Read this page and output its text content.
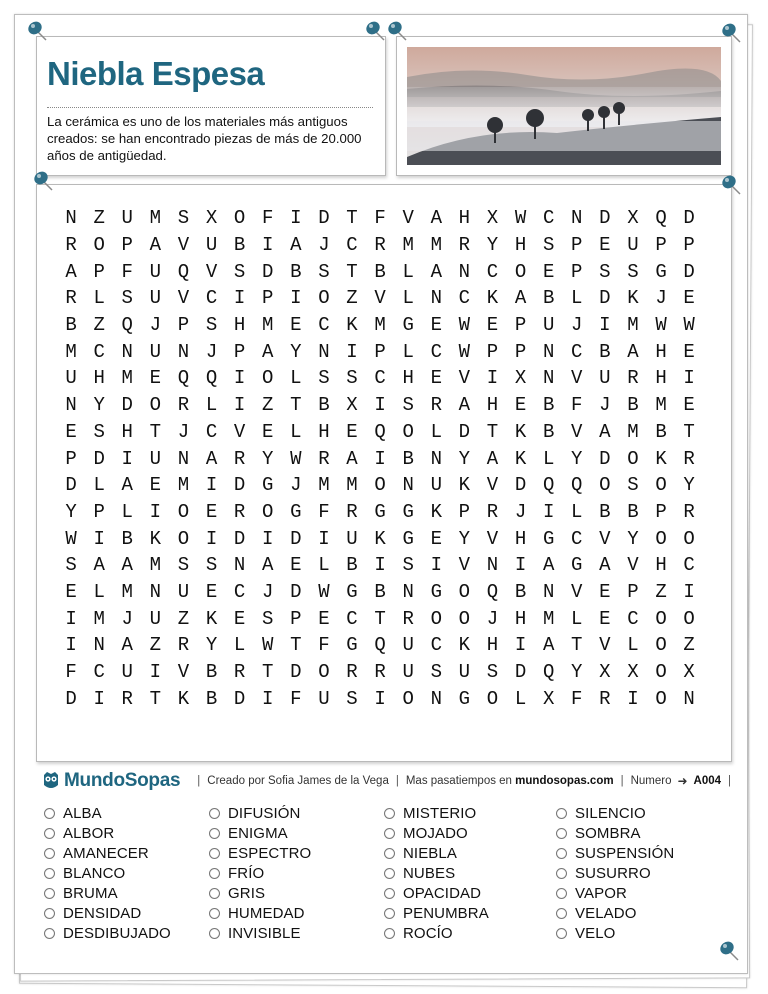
Niebla Espesa
La cerámica es uno de los materiales más antiguos creados: se han encontrado piezas de más de 20.000 años de antigüedad.
N Z U M S X O F I D T F V A H X W C N D X Q D
R O P A V U B I A J C R M M R Y H S P E U P P
A P F U Q V S D B S T B L A N C O E P S S G D
R L S U V C I P I O Z V L N C K A B L D K J E
B Z Q J P S H M E C K M G E W E P U J I M W W
M C N U N J P A Y N I P L C W P P N C B A H E
U H M E Q Q I O L S S C H E V I X N V U R H I
N Y D O R L I Z T B X I S R A H E B F J B M E
E S H T J C V E L H E Q O L D T K B V A M B T
P D I U N A R Y W R A I B N Y A K L Y D O K R
D L A E M I D G J M M O N U K V D Q Q O S O Y
Y P L I O E R O G F R G G K P R J I L B B P R
W I B K O I D I D I U K G E Y V H G C V Y O O
S A A M S S N A E L B I S I V N I A G A V H C
E L M N U E C J D W G B N G O Q B N V E P Z I
I M J U Z K E S P E C T R O O J H M L E C O O
I N A Z R Y L W T F G Q U C K H I A T V L O Z
F C U I V B R T D O R R U S U S D Q Y X X O X
D I R T K B D I F U S I O N G O L X F R I O N
MundoSopas | Creado por Sofia James de la Vega | Mas pasatiempos en
mundosopas.com | Numero ➜ A004 |
ALBA	DIFUSIÓN	MISTERIO	SILENCIO
ALBOR	ENIGMA	MOJADO	SOMBRA
AMANECER	ESPECTRO	NIEBLA	SUSPENSIÓN
BLANCO	FRÍO	NUBES	SUSURRO
BRUMA	GRIS	OPACIDAD	VAPOR
DENSIDAD	HUMEDAD	PENUMBRA	VELADO
DESDIBUJADO	INVISIBLE	ROCÍO	VELO
